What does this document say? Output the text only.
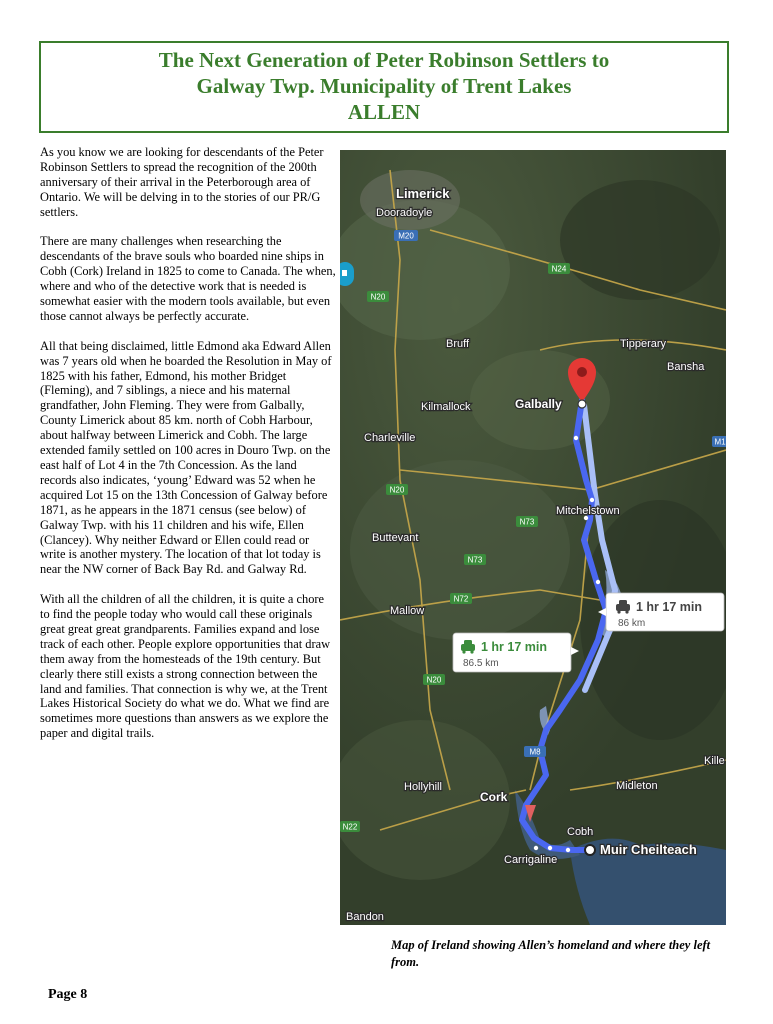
The Next Generation of Peter Robinson Settlers to
Galway Twp. Municipality of Trent Lakes
ALLEN

As you know we are looking for descendants of the Peter Robinson Settlers to spread the recognition of the 200th anniversary of their arrival in the Peterborough area of Ontario. We will be delving in to the stories of our PR/G settlers.

There are many challenges when researching the descendants of the brave souls who boarded nine ships in Cobh (Cork) Ireland in 1825 to come to Canada. The when, where and who of the detective work that is needed is somewhat easier with the modern tools available, but even those cannot always be perfectly accurate.

All that being disclaimed, little Edmond aka Edward Allen was 7 years old when he boarded the Resolution in May of 1825 with his father, Edmond, his mother Bridget (Fleming), and 7 siblings, a niece and his maternal grandfather, John Fleming. They were from Galbally, County Limerick about 85 km. north of Cobh Harbour, about halfway between Limerick and Cobh. The large extended family settled on 100 acres in Douro Twp. on the east half of Lot 4 in the 7th Concession. As the land records also indicates, ‘young’ Edward was 52 when he acquired Lot 15 on the 13th Concession of Galway before 1871, as he appears in the 1871 census (see below) of Galway Twp. with his 11 children and his wife, Ellen (Clancey). Why neither Edward or Ellen could read or write is another mystery. The location of that lot today is near the NW corner of Back Bay Rd. and Galway Rd.

With all the children of all the children, it is quite a chore to find the people today who would call these originals great great great grandparents. Families expand and lose track of each other. People explore opportunities that draw them away from the homesteads of the 19th century. But clearly there still exists a strong connection between the land and families. That connection is why we, at the Trent Lakes Historical Society do what we do. What we find are sometimes more questions than answers as we explore the paper and digital trails.

M20
N24
N20
N20
N73
N73
N72
N20
M8
N22
M1
Limerick
Dooradoyle
Bruff	Tipperary
Bansha
Kilmallock	Galbally
Charleville
Mitchelstown
Buttevant
Mallow
Hollyhill
Cork
Midleton
Cobh
Carrigaline
Muir Cheilteach
Bandon
Kille
1 hr 17 min
86 km
1 hr 17 min
86.5 km
Map of Ireland showing Allen’s homeland and where they left from.
Page 8
